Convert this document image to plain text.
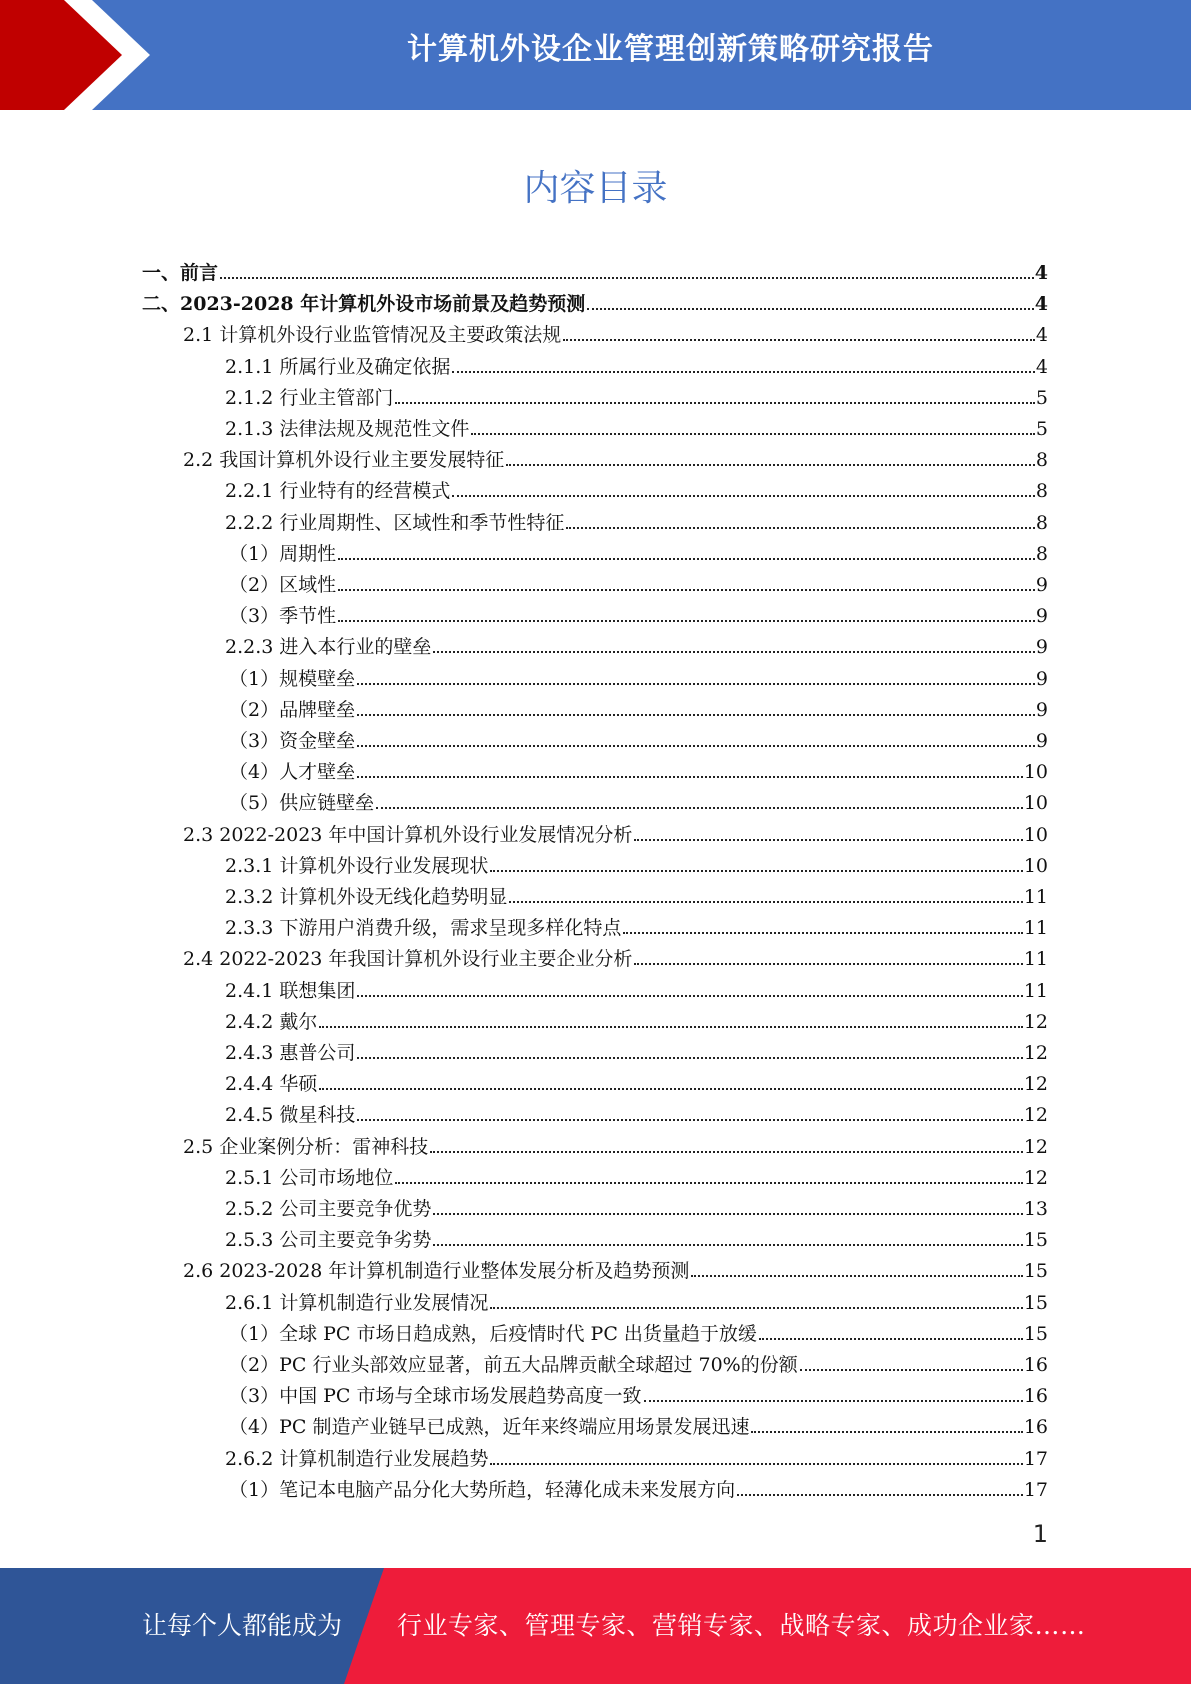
计算机外设企业管理创新策略研究报告
内容目录
一、前言	4
二、2023-2028 年计算机外设市场前景及趋势预测	4
2.1 计算机外设行业监管情况及主要政策法规	4
2.1.1 所属行业及确定依据	4
2.1.2 行业主管部门	5
2.1.3 法律法规及规范性文件	5
2.2 我国计算机外设行业主要发展特征	8
2.2.1 行业特有的经营模式	8
2.2.2 行业周期性、区域性和季节性特征	8
（1）周期性	8
（2）区域性	9
（3）季节性	9
2.2.3 进入本行业的壁垒	9
（1）规模壁垒	9
（2）品牌壁垒	9
（3）资金壁垒	9
（4）人才壁垒	10
（5）供应链壁垒	10
2.3 2022-2023 年中国计算机外设行业发展情况分析	10
2.3.1 计算机外设行业发展现状	10
2.3.2 计算机外设无线化趋势明显	11
2.3.3 下游用户消费升级，需求呈现多样化特点	11
2.4 2022-2023 年我国计算机外设行业主要企业分析	11
2.4.1 联想集团	11
2.4.2 戴尔	12
2.4.3 惠普公司	12
2.4.4 华硕	12
2.4.5 微星科技	12
2.5 企业案例分析：雷神科技	12
2.5.1 公司市场地位	12
2.5.2 公司主要竞争优势	13
2.5.3 公司主要竞争劣势	15
2.6 2023-2028 年计算机制造行业整体发展分析及趋势预测	15
2.6.1 计算机制造行业发展情况	15
（1）全球 PC 市场日趋成熟，后疫情时代 PC 出货量趋于放缓	15
（2）PC 行业头部效应显著，前五大品牌贡献全球超过 70%的份额	16
（3）中国 PC 市场与全球市场发展趋势高度一致	16
（4）PC 制造产业链早已成熟，近年来终端应用场景发展迅速	16
2.6.2 计算机制造行业发展趋势	17
（1）笔记本电脑产品分化大势所趋，轻薄化成未来发展方向	17
1
让每个人都能成为 行业专家、管理专家、营销专家、战略专家、成功企业家……
